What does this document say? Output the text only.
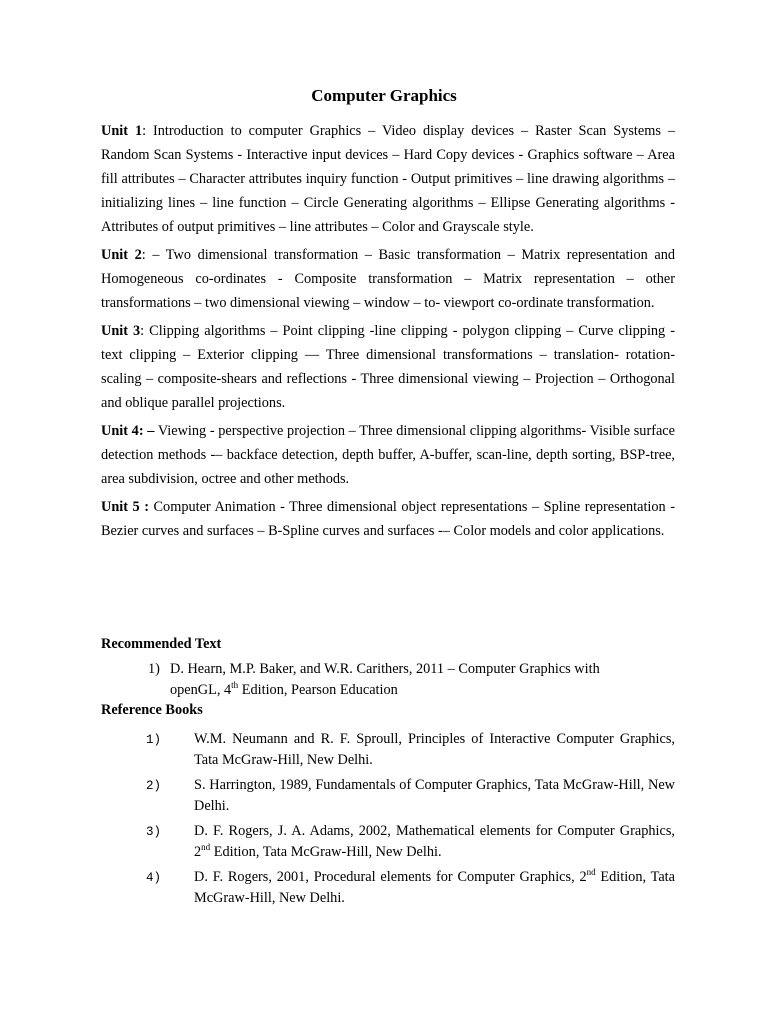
Computer Graphics

Unit 1: Introduction to computer Graphics – Video display devices – Raster Scan Systems – Random Scan Systems - Interactive input devices – Hard Copy devices - Graphics software – Area fill attributes – Character attributes inquiry function - Output primitives – line drawing algorithms – initializing lines – line function – Circle Generating algorithms – Ellipse Generating algorithms - Attributes of output primitives – line attributes – Color and Grayscale style.

Unit 2: – Two dimensional transformation – Basic transformation – Matrix representation and Homogeneous co-ordinates - Composite transformation – Matrix representation – other transformations – two dimensional viewing – window – to- viewport co-ordinate transformation.

Unit 3: Clipping algorithms – Point clipping -line clipping - polygon clipping – Curve clipping - text clipping – Exterior clipping –– Three dimensional transformations – translation- rotation- scaling – composite-shears and reflections - Three dimensional viewing – Projection – Orthogonal and oblique parallel projections.

Unit 4: – Viewing - perspective projection – Three dimensional clipping algorithms- Visible surface detection methods -– backface detection, depth buffer, A-buffer, scan-line, depth sorting, BSP-tree, area subdivision, octree and other methods.

Unit 5 : Computer Animation - Three dimensional object representations – Spline representation - Bezier curves and surfaces – B-Spline curves and surfaces -– Color models and color applications.

Recommended Text
1) D. Hearn, M.P. Baker, and W.R. Carithers, 2011 – Computer Graphics with
openGL, 4th Edition, Pearson Education
Reference Books
1)	W.M. Neumann and R. F. Sproull, Principles of Interactive Computer Graphics, Tata McGraw-Hill, New Delhi.
2)	S. Harrington, 1989, Fundamentals of Computer Graphics, Tata McGraw-Hill, New Delhi.
3)	D. F. Rogers, J. A. Adams, 2002, Mathematical elements for Computer Graphics, 2nd Edition, Tata McGraw-Hill, New Delhi.
4)	D. F. Rogers, 2001, Procedural elements for Computer Graphics, 2nd Edition, Tata McGraw-Hill, New Delhi.
